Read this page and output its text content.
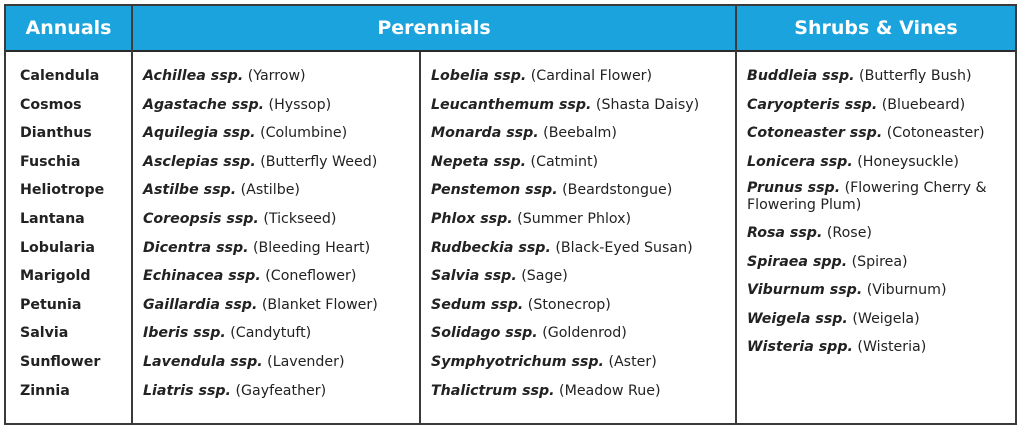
Annuals	Perennials	Shrubs & Vines
Calendula
Cosmos
Dianthus
Fuschia
Heliotrope
Lantana
Lobularia
Marigold
Petunia
Salvia
Sunflower
Zinnia
Achillea ssp. (Yarrow)
Agastache ssp. (Hyssop)
Aquilegia ssp. (Columbine)
Asclepias ssp. (Butterfly Weed)
Astilbe ssp. (Astilbe)
Coreopsis ssp. (Tickseed)
Dicentra ssp. (Bleeding Heart)
Echinacea ssp. (Coneflower)
Gaillardia ssp. (Blanket Flower)
Iberis ssp. (Candytuft)
Lavendula ssp. (Lavender)
Liatris ssp. (Gayfeather)
Lobelia ssp. (Cardinal Flower)
Leucanthemum ssp. (Shasta Daisy)
Monarda ssp. (Beebalm)
Nepeta ssp. (Catmint)
Penstemon ssp. (Beardstongue)
Phlox ssp. (Summer Phlox)
Rudbeckia ssp. (Black-Eyed Susan)
Salvia ssp. (Sage)
Sedum ssp. (Stonecrop)
Solidago ssp. (Goldenrod)
Symphyotrichum ssp. (Aster)
Thalictrum ssp. (Meadow Rue)
Buddleia ssp. (Butterfly Bush)
Caryopteris ssp. (Bluebeard)
Cotoneaster ssp. (Cotoneaster)
Lonicera ssp. (Honeysuckle)
Prunus ssp. (Flowering Cherry & Flowering Plum)
Rosa ssp. (Rose)
Spiraea spp. (Spirea)
Viburnum ssp. (Viburnum)
Weigela ssp. (Weigela)
Wisteria spp. (Wisteria)
